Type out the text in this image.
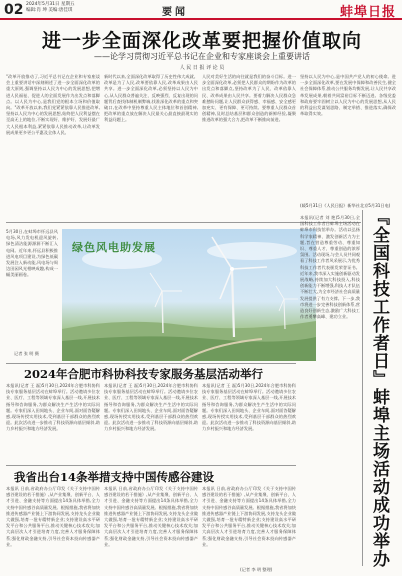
02 2024年5月31日 星期五
编辑:肖 坤 美编:唐佳琪	要闻	蚌埠日报
进一步全面深化改革要把握价值取向
——论学习贯彻习近平总书记在企业和专家座谈会上重要讲话
人 民 日 报 评 论 员
"改革开放推动了,习近平总书记在企业和专家座谈会上重要讲话中深刻阐述了进一步全面深化改革的重大原则,强调坚持以人民为中心的发展思想,把增进人民福祉、促进人的全面发展作为出发点和落脚点。以人民为中心,是我们党的根本立场和价值取向。"改革开放以来,我们党紧紧依靠人民推进改革,坚持以人民为中心的发展思想,始终把人民利益摆在至高无上的地位,不断实现好、维护好、发展好最广大人民根本利益,紧紧依靠人民推动改革,让改革发展成果更多更公平惠及全体人民。
新时代以来,全面深化改革取得了历史性伟大成就。改革是为了人民,改革要依靠人民,改革成果由人民共享。进一步全面深化改革,必须坚持以人民为中心,从人民群众普遍关注、反映强烈、反复出现的问题背后查找体制机制弊端,找准深化改革的重点和突破口,在改革中坚持尊重人民主体地位和首创精神,把改革的重点放在解决人民最关心最直接最现实的利益问题上。
人民对美好生活的向往就是我们的奋斗目标。进一步全面深化改革,必须把人民群众的期盼作为改革的出发点和落脚点,坚持改革为了人民、改革依靠人民、改革成果由人民共享。要着力解决人民群众急难愁盼问题,让人民群众获得感、幸福感、安全感更加充实、更有保障、更可持续。要尊重人民群众首创精神,及时总结基层和群众创造的新鲜经验,凝聚推进改革的强大合力,把改革不断推向前进。
坚持以人民为中心,是中国共产党人的初心使命。进一步全面深化改革,要在发展中保障和改善民生,健全社会保障体系,推动公共服务均衡发展,让人民共享改革发展成果,朝着共同富裕目标不断迈进。各级党委和政府要牢固树立以人民为中心的发展思想,从人民的利益出发谋划思路、制定举措、推进落实,确保改革取得实效。
(载5月31日《人民日报》新华社北京5月31日电)
5月30日,在蚌埠市怀远县风电场,风力发电机迎风旋转,绿色清洁能源源源不断汇入电网。近年来,怀远县积极推进风电项目建设,为绿色低碳发展注入新动能,风电场与周边田园风光相映成趣,构成一幅美丽画卷。
记者 张 明 摄
绿色风电助发展
本报讯(记者 刘 艳)5月30日,全国科技工作者日蚌埠主场活动在蚌埠市科技馆举办。活动以弘扬科学家精神、激发创新活力为主题,旨在营造尊重劳动、尊重知识、尊重人才、尊重创造的浓厚氛围。活动现场,与会人员共同观看了科技工作者风采展示,为优秀科技工作者代表颁发荣誉证书。近年来,我市深入实施创新驱动发展战略,持续加大科技投入,科技创新能力不断增强,科技人才队伍不断壮大,为全市经济社会高质量发展提供了有力支撑。下一步,我市将进一步完善科技创新体系,营造良好创新生态,激励广大科技工作者勇攀高峰、建功立业。	『全国科技工作者日』蚌埠主场活动成功举办
2024年合肥市科协科技专家服务基层活动举行
本报讯(记者 王 磊)5月30日,2024年合肥市科协科技专家服务基层活动在蚌埠举行。活动邀请多位农业、医疗、工程等领域专家深入基层一线,开展技术指导和咨询服务,为群众解决生产生活中的实际问题。专家们深入田间地头、企业车间,面对面答疑解惑,现场传授实用技术,受到基层干部群众的热烈欢迎。此次活动进一步推动了科技资源向基层倾斜,助力乡村振兴和地方经济发展。
本报讯(记者 王 磊)5月30日,2024年合肥市科协科技专家服务基层活动在蚌埠举行。活动邀请多位农业、医疗、工程等领域专家深入基层一线,开展技术指导和咨询服务,为群众解决生产生活中的实际问题。专家们深入田间地头、企业车间,面对面答疑解惑,现场传授实用技术,受到基层干部群众的热烈欢迎。此次活动进一步推动了科技资源向基层倾斜,助力乡村振兴和地方经济发展。
本报讯(记者 王 磊)5月30日,2024年合肥市科协科技专家服务基层活动在蚌埠举行。活动邀请多位农业、医疗、工程等领域专家深入基层一线,开展技术指导和咨询服务,为群众解决生产生活中的实际问题。专家们深入田间地头、企业车间,面对面答疑解惑,现场传授实用技术,受到基层干部群众的热烈欢迎。此次活动进一步推动了科技资源向基层倾斜,助力乡村振兴和地方经济发展。
我省出台14条举措支持中国传感谷建设
本报讯 日前,省政府办公厅印发《关于支持中国传感谷建设的若干措施》,从产业集聚、创新平台、人才引进、金融支持等方面提出14条具体举措,全力支持中国传感谷高质量发展。根据措施,我省将加快推进传感器产业链上下游协同发展,支持龙头企业做大做强,培育一批专精特新企业;支持建设高水平研发平台和公共服务平台,推动关键核心技术攻关;加大高层次人才引进培育力度,完善人才服务保障体系;强化财政金融支持,引导社会资本投向传感器产业。
本报讯 日前,省政府办公厅印发《关于支持中国传感谷建设的若干措施》,从产业集聚、创新平台、人才引进、金融支持等方面提出14条具体举措,全力支持中国传感谷高质量发展。根据措施,我省将加快推进传感器产业链上下游协同发展,支持龙头企业做大做强,培育一批专精特新企业;支持建设高水平研发平台和公共服务平台,推动关键核心技术攻关;加大高层次人才引进培育力度,完善人才服务保障体系;强化财政金融支持,引导社会资本投向传感器产业。
本报讯 日前,省政府办公厅印发《关于支持中国传感谷建设的若干措施》,从产业集聚、创新平台、人才引进、金融支持等方面提出14条具体举措,全力支持中国传感谷高质量发展。根据措施,我省将加快推进传感器产业链上下游协同发展,支持龙头企业做大做强,培育一批专精特新企业;支持建设高水平研发平台和公共服务平台,推动关键核心技术攻关;加大高层次人才引进培育力度,完善人才服务保障体系;强化财政金融支持,引导社会资本投向传感器产业。
(记者 李 明 整理)
